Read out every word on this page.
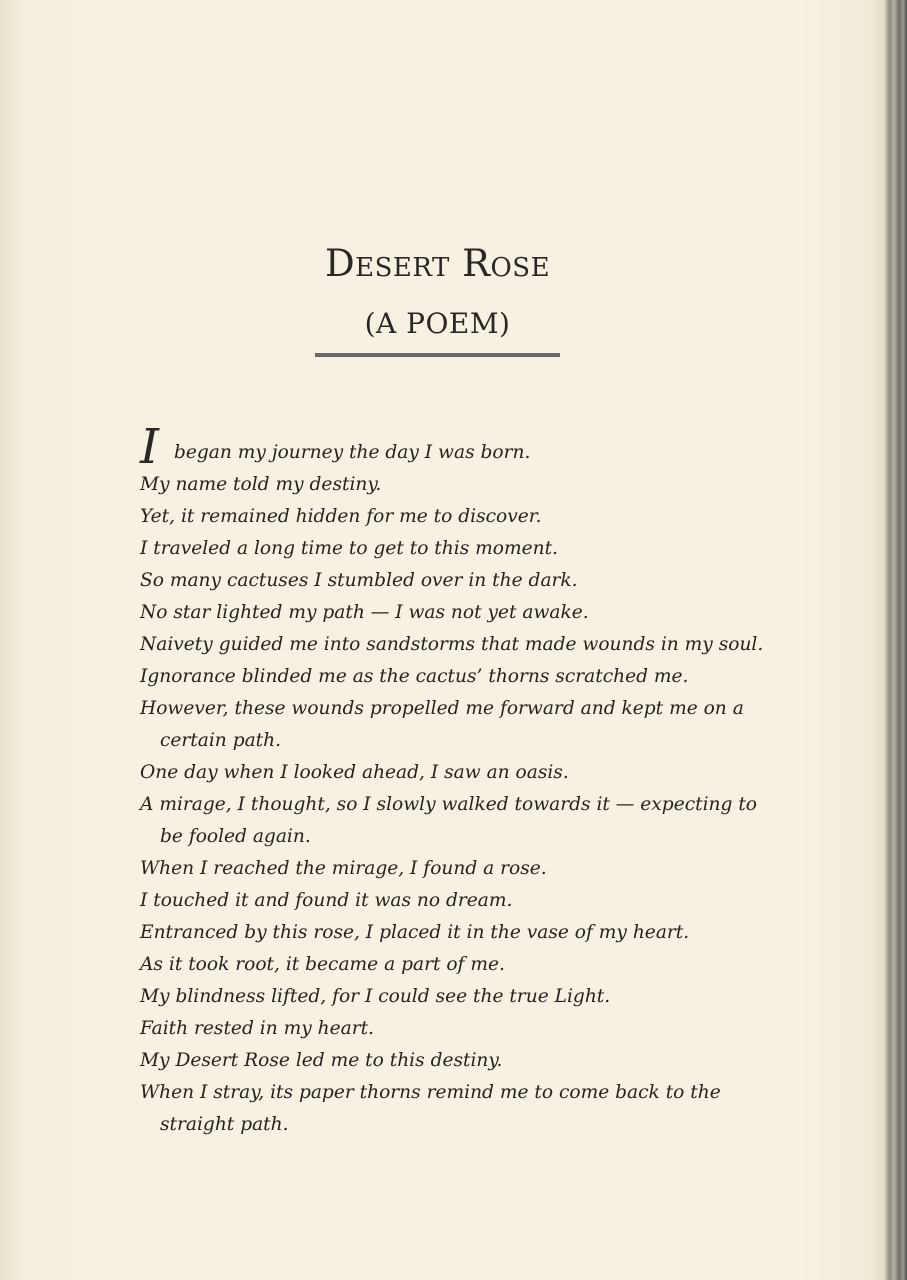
Desert Rose
(A POEM)
I began my journey the day I was born.
My name told my destiny.
Yet, it remained hidden for me to discover.
I traveled a long time to get to this moment.
So many cactuses I stumbled over in the dark.
No star lighted my path — I was not yet awake.
Naivety guided me into sandstorms that made wounds in my soul.
Ignorance blinded me as the cactus’ thorns scratched me.
However, these wounds propelled me forward and kept me on a
certain path.
One day when I looked ahead, I saw an oasis.
A mirage, I thought, so I slowly walked towards it — expecting to
be fooled again.
When I reached the mirage, I found a rose.
I touched it and found it was no dream.
Entranced by this rose, I placed it in the vase of my heart.
As it took root, it became a part of me.
My blindness lifted, for I could see the true Light.
Faith rested in my heart.
My Desert Rose led me to this destiny.
When I stray, its paper thorns remind me to come back to the
straight path.
